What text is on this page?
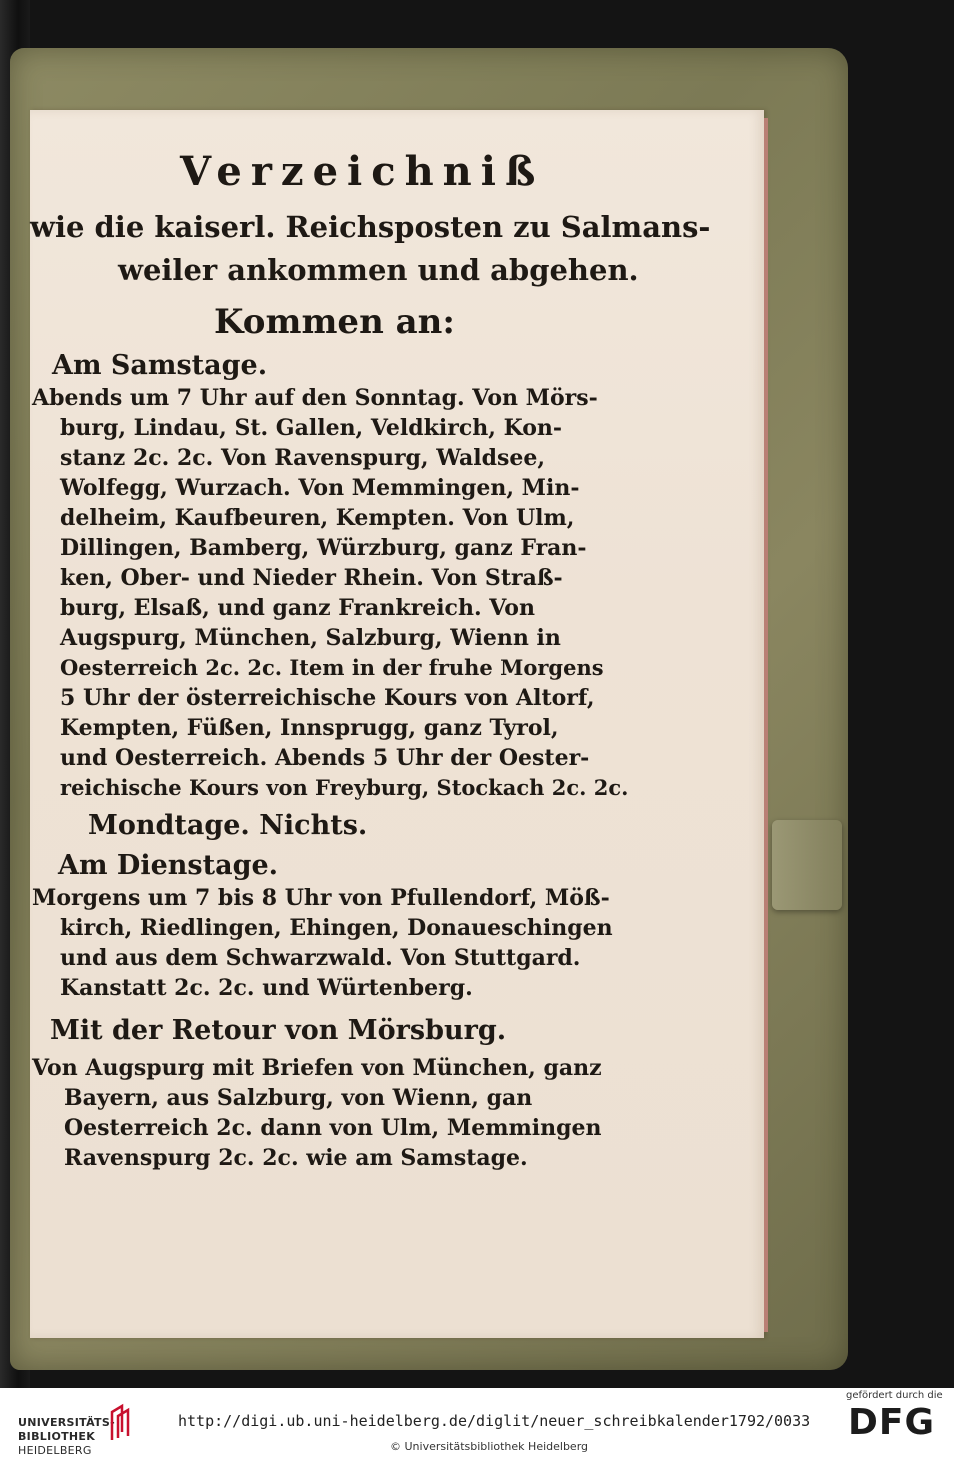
Verzeichniß
wie die kaiserl. Reichsposten zu Salmans-
weiler ankommen und abgehen.
Kommen an:
Am Samstage.
Abends um 7 Uhr auf den Sonntag. Von Mörs-
burg, Lindau, St. Gallen, Veldkirch, Kon-
stanz 2c. 2c. Von Ravenspurg, Waldsee,
Wolfegg, Wurzach. Von Memmingen, Min-
delheim, Kaufbeuren, Kempten. Von Ulm,
Dillingen, Bamberg, Würzburg, ganz Fran-
ken, Ober- und Nieder Rhein. Von Straß-
burg, Elsaß, und ganz Frankreich. Von
Augspurg, München, Salzburg, Wienn in
Oesterreich 2c. 2c. Item in der fruhe Morgens
5 Uhr der österreichische Kours von Altorf,
Kempten, Füßen, Innsprugg, ganz Tyrol,
und Oesterreich. Abends 5 Uhr der Oester-
reichische Kours von Freyburg, Stockach 2c. 2c.
Mondtage. Nichts.
Am Dienstage.
Morgens um 7 bis 8 Uhr von Pfullendorf, Möß-
kirch, Riedlingen, Ehingen, Donaueschingen
und aus dem Schwarzwald. Von Stuttgard.
Kanstatt 2c. 2c. und Würtenberg.
Mit der Retour von Mörsburg.
Von Augspurg mit Briefen von München, ganz
Bayern, aus Salzburg, von Wienn, gan
Oesterreich 2c. dann von Ulm, Memmingen
Ravenspurg 2c. 2c. wie am Samstage.
UNIVERSITÄTS-
BIBLIOTHEK
HEIDELBERG
http://digi.ub.uni-heidelberg.de/diglit/neuer_schreibkalender1792/0033
© Universitätsbibliothek Heidelberg
gefördert durch die
DFG
